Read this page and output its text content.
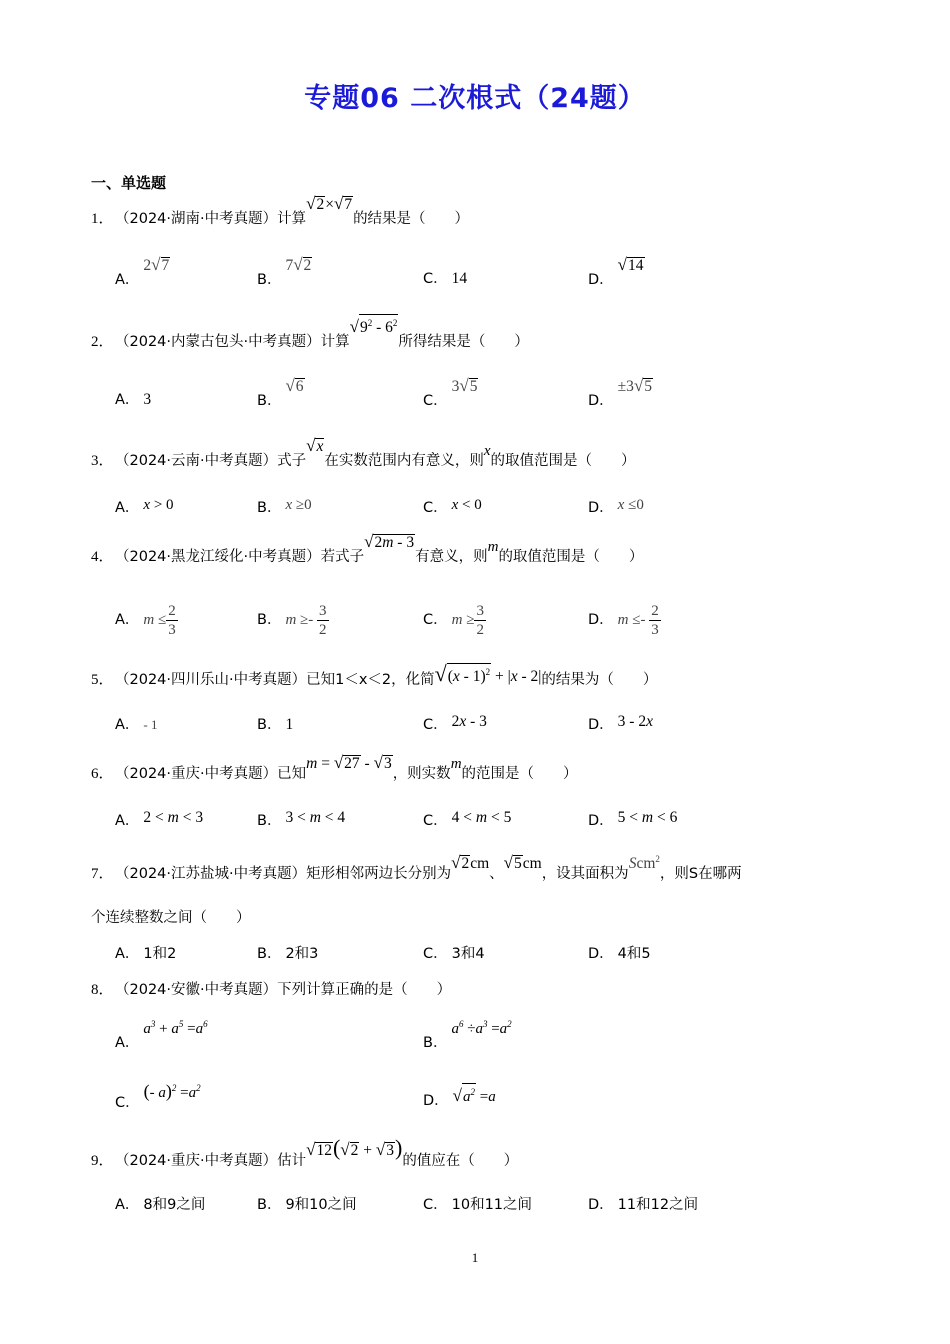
专题06 二次根式（24题）
一、单选题
1．（2024·湖南·中考真题）计算√2×√7的结果是（　　）
A．2√7
B．7√2
C． 14	D．√14
2．（2024·内蒙古包头·中考真题）计算$√9^2 - 6^2$所得结果是（　　）
A． 3	B．√6
C．3√5
D．±3√5
3．（2024·云南·中考真题）式子√x在实数范围内有意义，则x的取值范围是（　　）
A． x > 0	B． x ≥0	C． x < 0	D． x ≤0
4．（2024·黑龙江绥化·中考真题）若式子√2m - 3有意义，则m的取值范围是（　　）
A． $m \le \frac{2}{3}$	B． $m \ge- \frac{3}{2}$	C． $m \ge \frac{3}{2}$	D． $m \le- \frac{2}{3}$
5．（2024·四川乐山·中考真题）已知1＜x＜2，化简√(x - 1)$^2$ + |x - 2|的结果为（　　）
A． - 1	B． 1	C． 2x - 3	D． 3 - 2x
6．（2024·重庆·中考真题）已知m = √27 - √3，则实数m的范围是（　　）
A． 2 < m < 3	B． 3 < m < 4	C． 4 < m < 5	D． 5 < m < 6
7．（2024·江苏盐城·中考真题）矩形相邻两边长分别为√2cm、√5cm，设其面积为Scm$^2$，则S在哪两
个连续整数之间（　　）
A． 1和2	B． 2和3	C． 3和4	D． 4和5
8．（2024·安徽·中考真题）下列计算正确的是（　　）
A．$a^3 + a^5 =a^6$
B．$a^6 \div a^3 =a^2$
C．(- $a)^2 =a^2$
D． $√a^2 =a$
9．（2024·重庆·中考真题）估计√12(√2 + √3)的值应在（　　）
A． 8和9之间	B． 9和10之间	C． 10和11之间	D． 11和12之间
1
